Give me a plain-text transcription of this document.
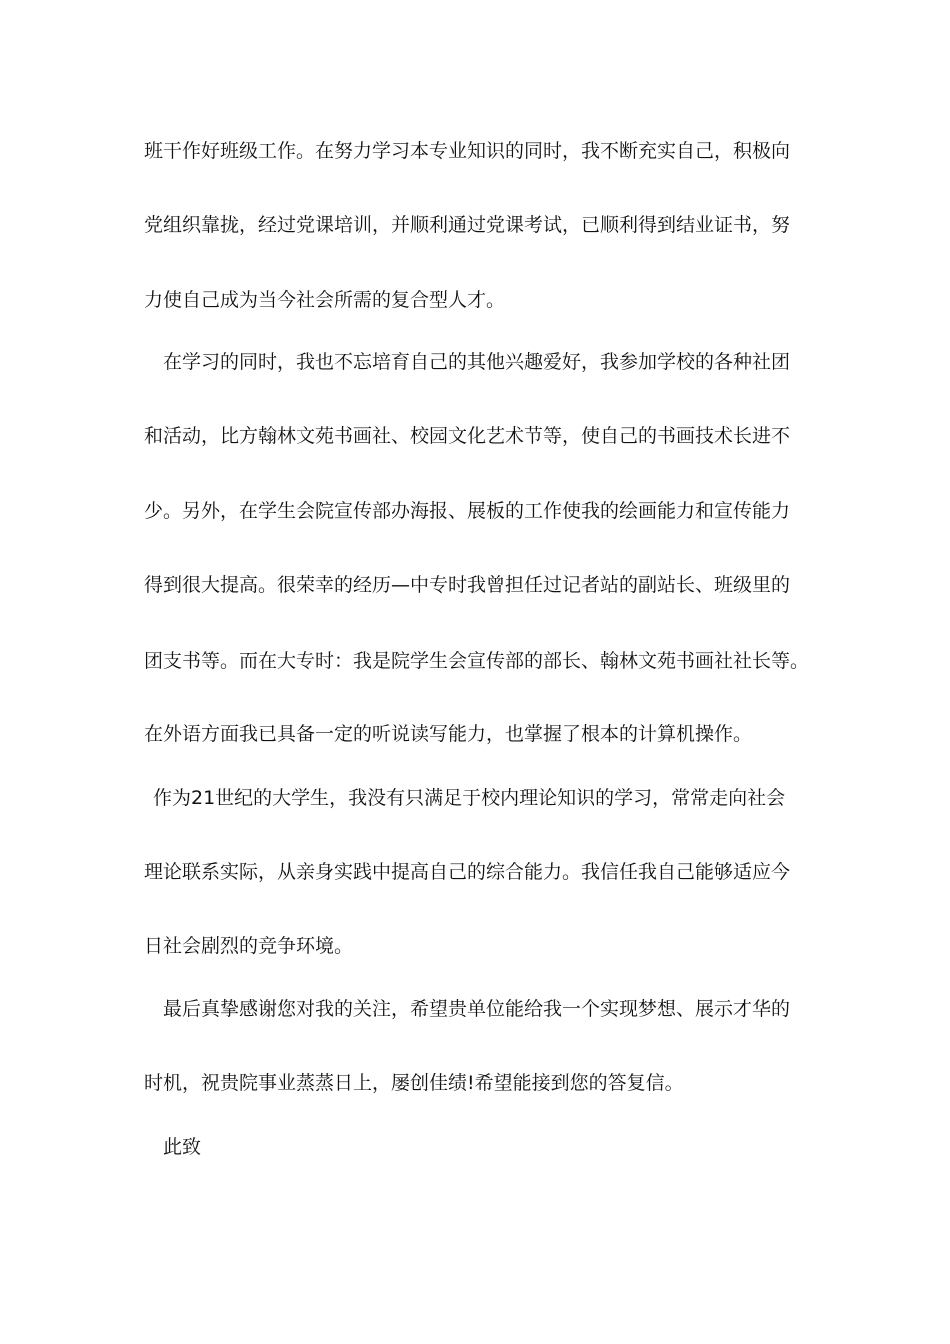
班干作好班级工作。在努力学习本专业知识的同时，我不断充实自己，积极向
党组织靠拢，经过党课培训，并顺利通过党课考试，已顺利得到结业证书，努
力使自己成为当今社会所需的复合型人才。
在学习的同时，我也不忘培育自己的其他兴趣爱好，我参加学校的各种社团
和活动，比方翰林文苑书画社、校园文化艺术节等，使自己的书画技术长进不
少。另外，在学生会院宣传部办海报、展板的工作使我的绘画能力和宣传能力
得到很大提高。很荣幸的经历—中专时我曾担任过记者站的副站长、班级里的
团支书等。而在大专时：我是院学生会宣传部的部长、翰林文苑书画社社长等。
在外语方面我已具备一定的听说读写能力，也掌握了根本的计算机操作。
作为21世纪的大学生，我没有只满足于校内理论知识的学习，常常走向社会
理论联系实际，从亲身实践中提高自己的综合能力。我信任我自己能够适应今
日社会剧烈的竞争环境。
最后真挚感谢您对我的关注，希望贵单位能给我一个实现梦想、展示才华的
时机，祝贵院事业蒸蒸日上，屡创佳绩!希望能接到您的答复信。
此致
